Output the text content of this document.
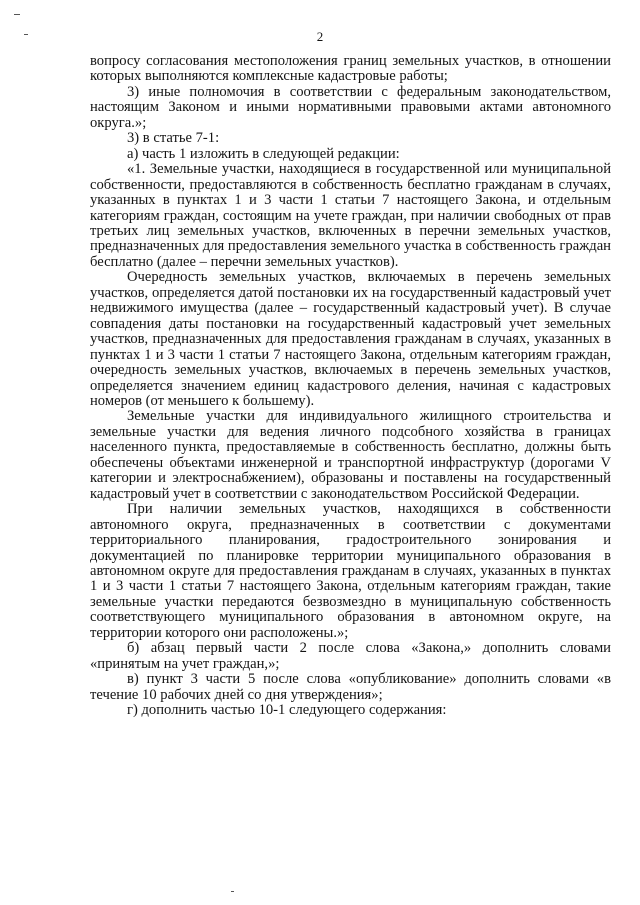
2

вопросу согласования местоположения границ земельных участков, в отношении которых выполняются комплексные кадастровые работы;

3) иные полномочия в соответствии с федеральным законодательством, настоящим Законом и иными нормативными правовыми актами автономного округа.»;

3) в статье 7-1:

а) часть 1 изложить в следующей редакции:

«1. Земельные участки, находящиеся в государственной или муниципальной собственности, предоставляются в собственность бесплатно гражданам в случаях, указанных в пунктах 1 и 3 части 1 статьи 7 настоящего Закона, и отдельным категориям граждан, состоящим на учете граждан, при наличии свободных от прав третьих лиц земельных участков, включенных в перечни земельных участков, предназначенных для предоставления земельного участка в собственность граждан бесплатно (далее – перечни земельных участков).

Очередность земельных участков, включаемых в перечень земельных участков, определяется датой постановки их на государственный кадастровый учет недвижимого имущества (далее – государственный кадастровый учет). В случае совпадения даты постановки на государственный кадастровый учет земельных участков, предназначенных для предоставления гражданам в случаях, указанных в пунктах 1 и 3 части 1 статьи 7 настоящего Закона, отдельным категориям граждан, очередность земельных участков, включаемых в перечень земельных участков, определяется значением единиц кадастрового деления, начиная с кадастровых номеров (от меньшего к большему).

Земельные участки для индивидуального жилищного строительства и земельные участки для ведения личного подсобного хозяйства в границах населенного пункта, предоставляемые в собственность бесплатно, должны быть обеспечены объектами инженерной и транспортной инфраструктур (дорогами V категории и электроснабжением), образованы и поставлены на государственный кадастровый учет в соответствии с законодательством Российской Федерации.

При наличии земельных участков, находящихся в собственности автономного округа, предназначенных в соответствии с документами территориального планирования, градостроительного зонирования и документацией по планировке территории муниципального образования в автономном округе для предоставления гражданам в случаях, указанных в пунктах 1 и 3 части 1 статьи 7 настоящего Закона, отдельным категориям граждан, такие земельные участки передаются безвозмездно в муниципальную собственность соответствующего муниципального образования в автономном округе, на территории которого они расположены.»;

б) абзац первый части 2 после слова «Закона,» дополнить словами «принятым на учет граждан,»;

в) пункт 3 части 5 после слова «опубликование» дополнить словами «в течение 10 рабочих дней со дня утверждения»;

г) дополнить частью 10-1 следующего содержания:
